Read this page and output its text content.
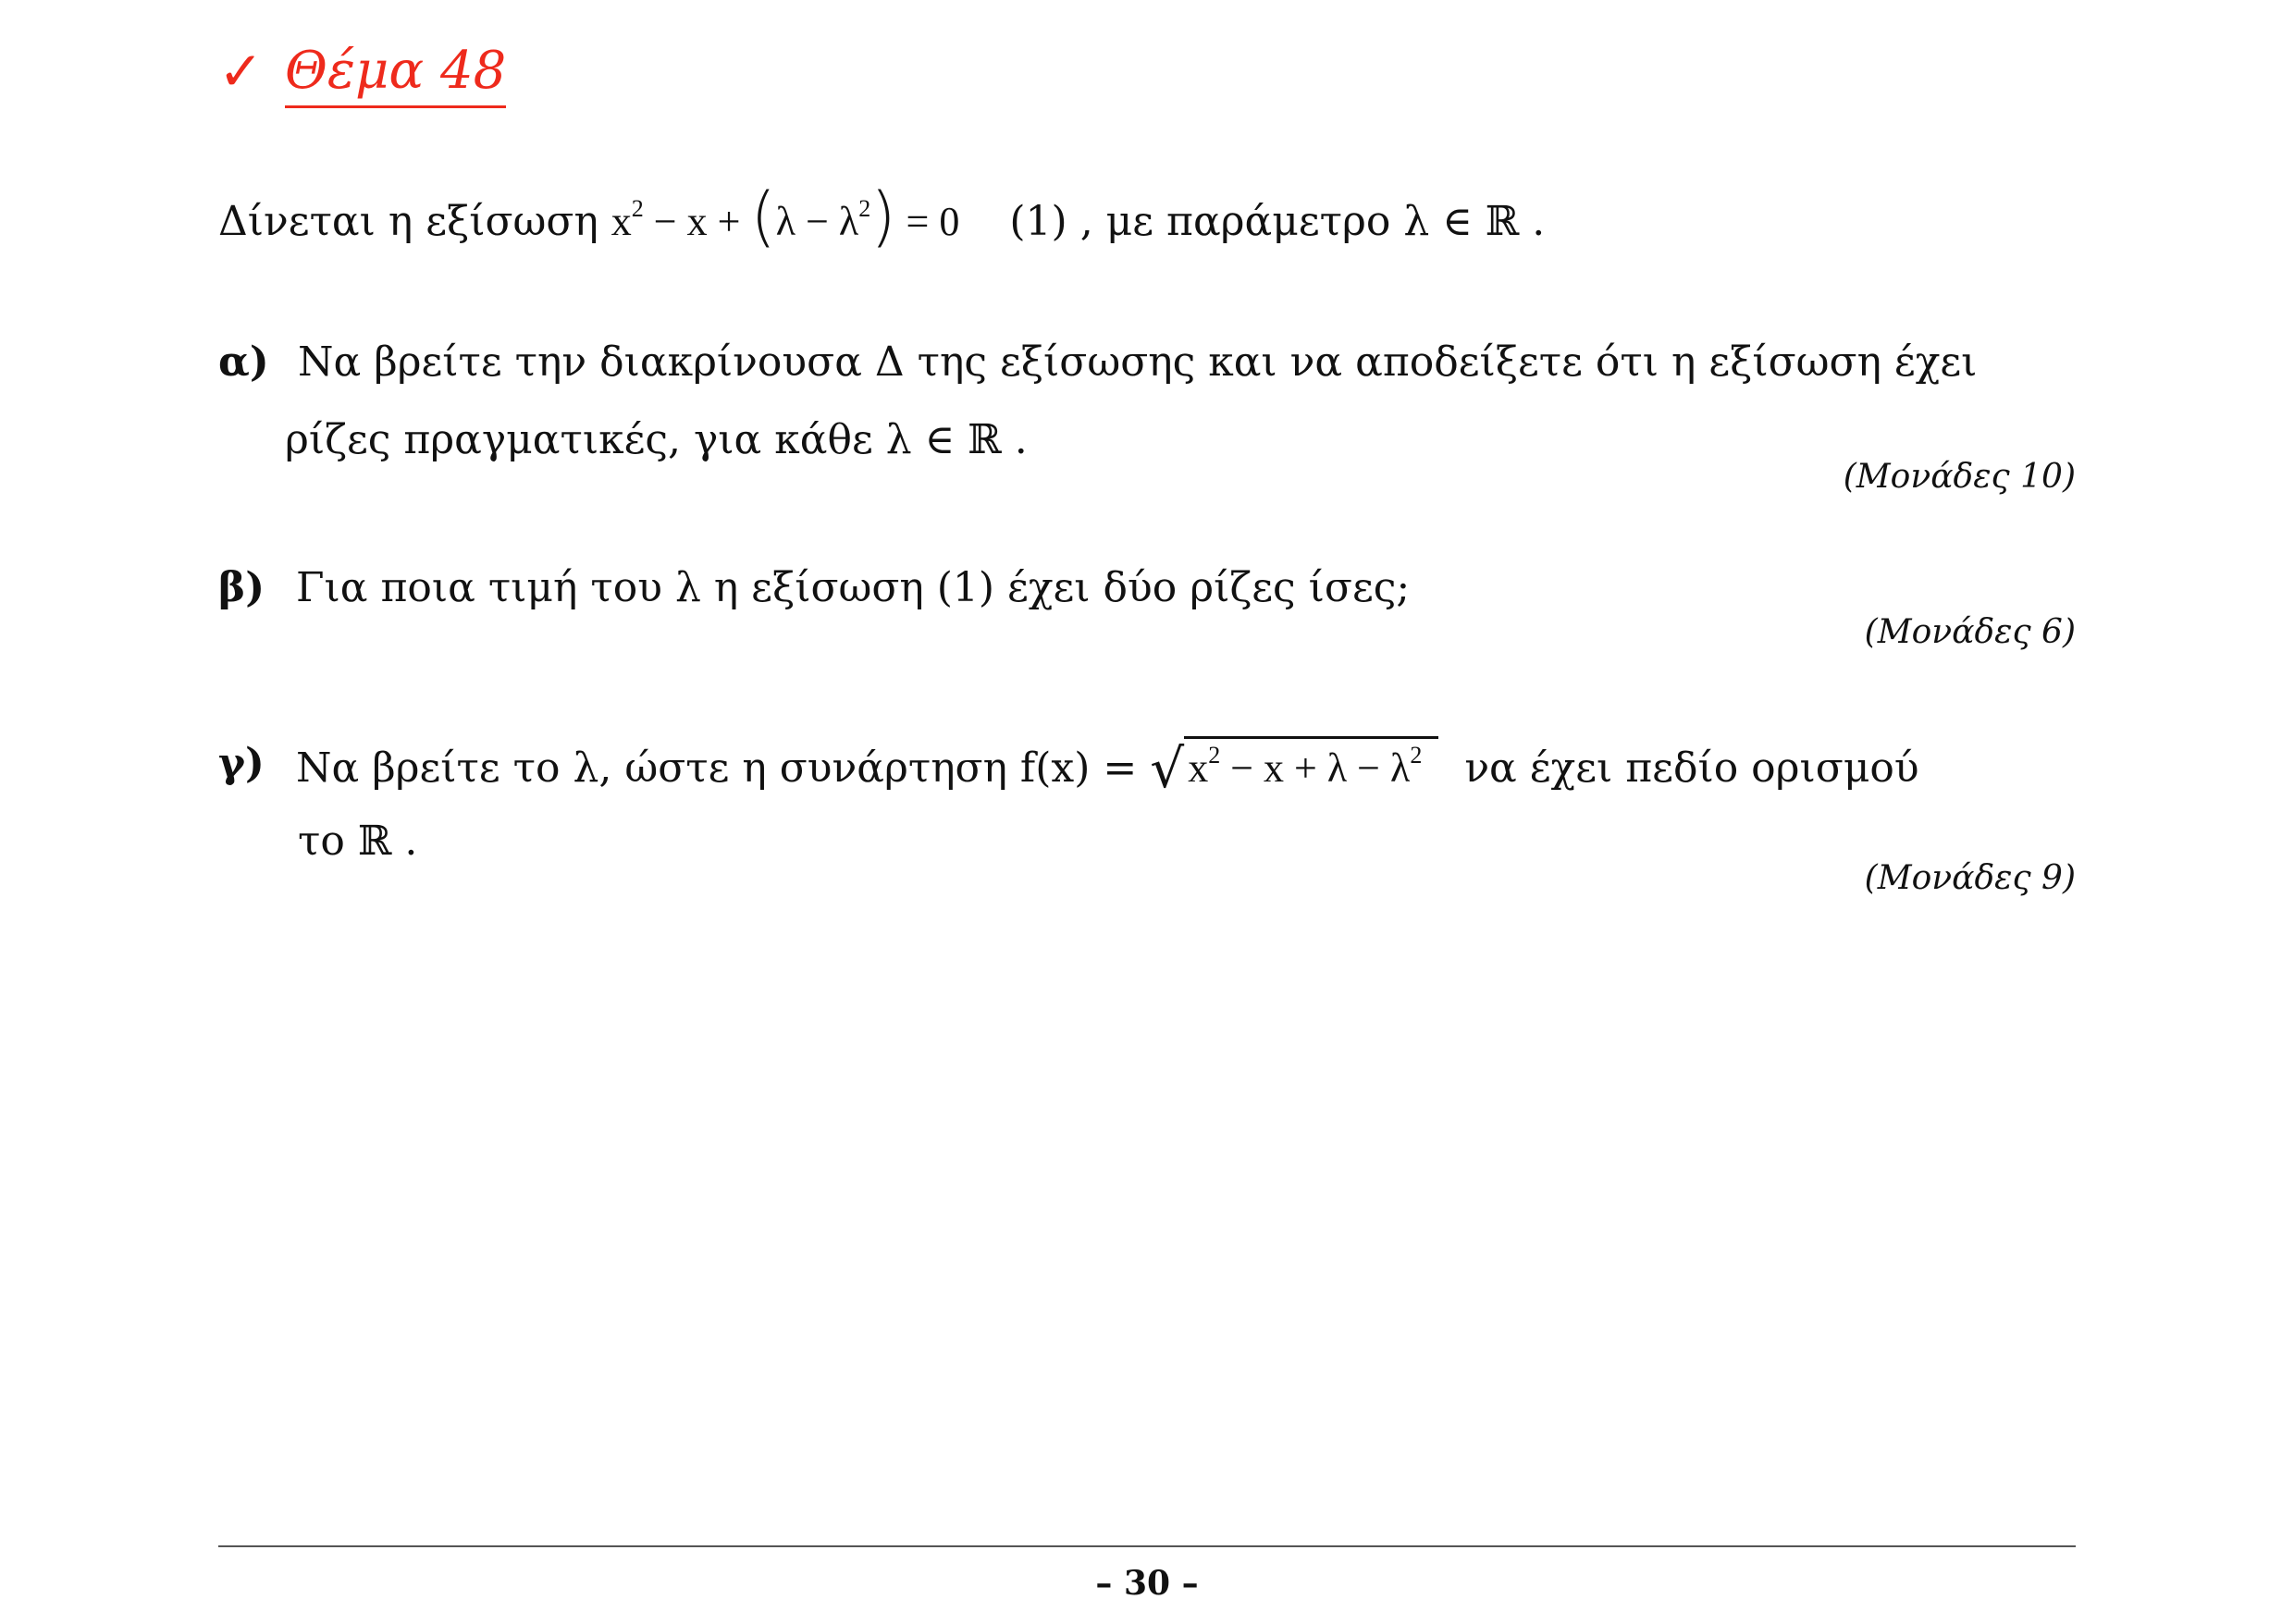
✓ Θέμα 48
Δίνεται η εξίσωση $x^2 - x + (\lambda - \lambda^2) = 0$ (1) , με παράμετρο λ ∈ ℝ .
α) Να βρείτε την διακρίνουσα Δ της εξίσωσης και να αποδείξετε ότι η εξίσωση έχει
ρίζες πραγματικές, για κάθε λ ∈ ℝ .
(Μονάδες 10)
β) Για ποια τιμή του λ η εξίσωση (1) έχει δύο ρίζες ίσες;
(Μονάδες 6)
γ) Να βρείτε το λ, ώστε η συνάρτηση $f(x) = √x^2 - x + \lambda - \lambda^2$ να έχει πεδίο ορισμού
το ℝ .
(Μονάδες 9)
– 30 –
